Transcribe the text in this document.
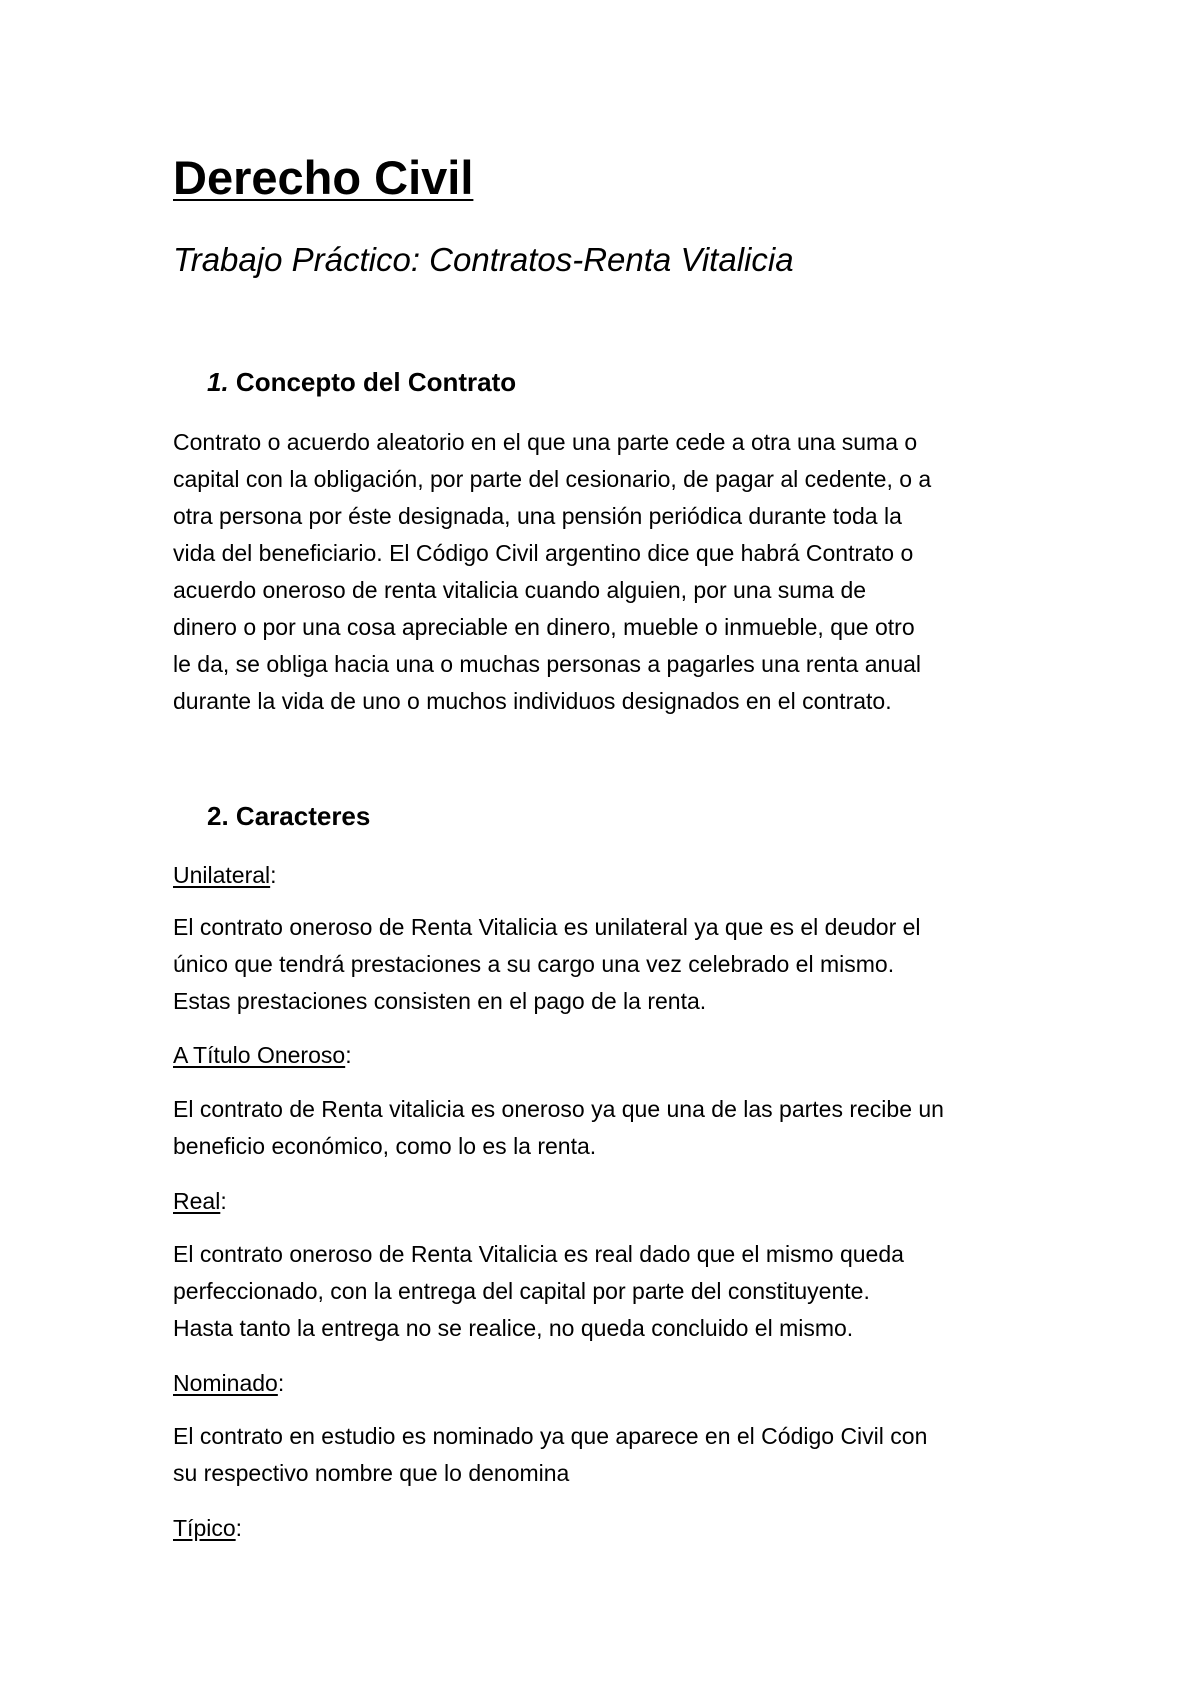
Derecho Civil
Trabajo Práctico: Contratos-Renta Vitalicia
1. Concepto del Contrato
Contrato o acuerdo aleatorio en el que una parte cede a otra una suma o
capital con la obligación, por parte del cesionario, de pagar al cedente, o a
otra persona por éste designada, una pensión periódica durante toda la
vida del beneficiario. El Código Civil argentino dice que habrá Contrato o
acuerdo oneroso de renta vitalicia cuando alguien, por una suma de
dinero o por una cosa apreciable en dinero, mueble o inmueble, que otro
le da, se obliga hacia una o muchas personas a pagarles una renta anual
durante la vida de uno o muchos individuos designados en el contrato.
2. Caracteres

Unilateral:

El contrato oneroso de Renta Vitalicia es unilateral ya que es el deudor el
único que tendrá prestaciones a su cargo una vez celebrado el mismo.
Estas prestaciones consisten en el pago de la renta.

A Título Oneroso:

El contrato de Renta vitalicia es oneroso ya que una de las partes recibe un
beneficio económico, como lo es la renta.

Real:

El contrato oneroso de Renta Vitalicia es real dado que el mismo queda
perfeccionado, con la entrega del capital por parte del constituyente.
Hasta tanto la entrega no se realice, no queda concluido el mismo.

Nominado:

El contrato en estudio es nominado ya que aparece en el Código Civil con
su respectivo nombre que lo denomina

Típico:
